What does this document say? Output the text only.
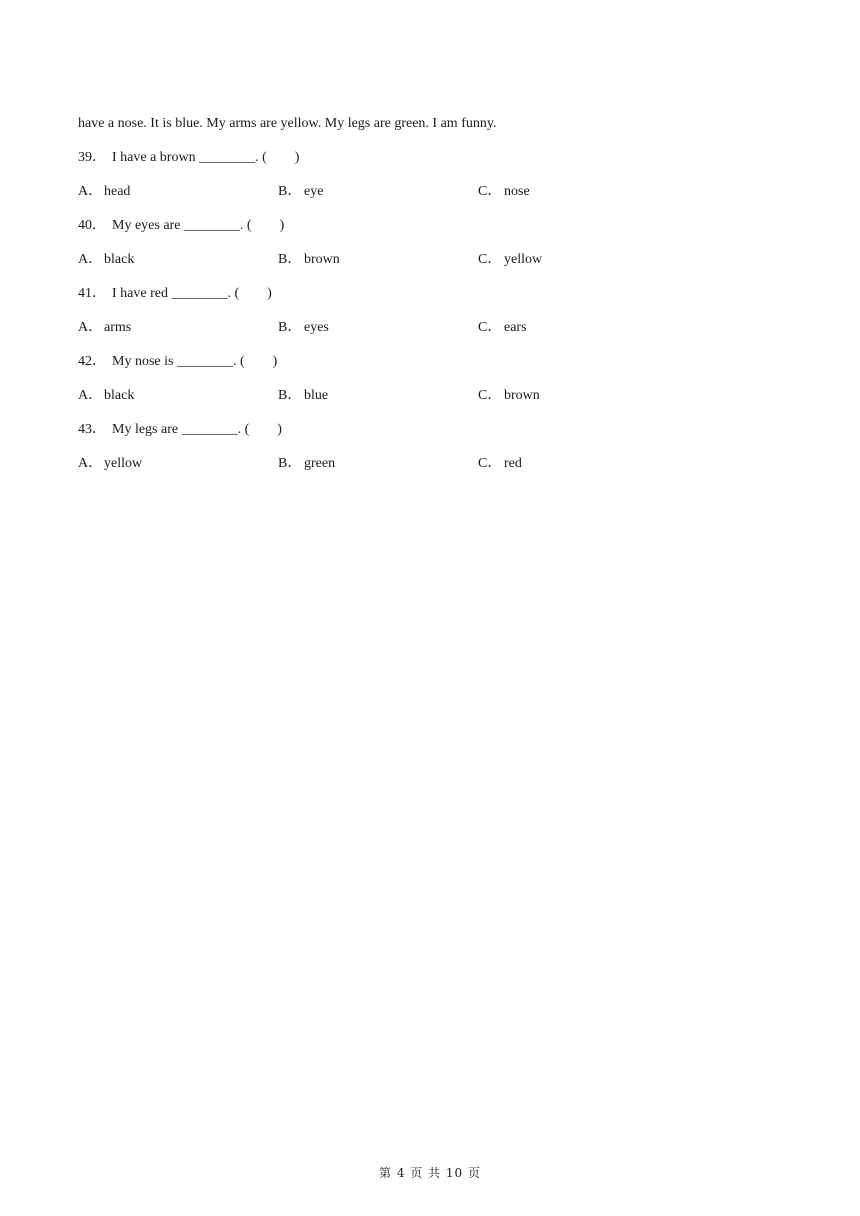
have a nose. It is blue. My arms are yellow. My legs are green. I am funny.
39． I have a brown ________. (　　)
A． head	B． eye	C． nose
40． My eyes are ________. (　　)
A． black	B． brown	C． yellow
41． I have red ________. (　　)
A． arms	B． eyes	C． ears
42． My nose is ________. (　　)
A． black	B． blue	C． brown
43． My legs are ________. (　　)
A． yellow	B． green	C． red
第 4 页 共 10 页
